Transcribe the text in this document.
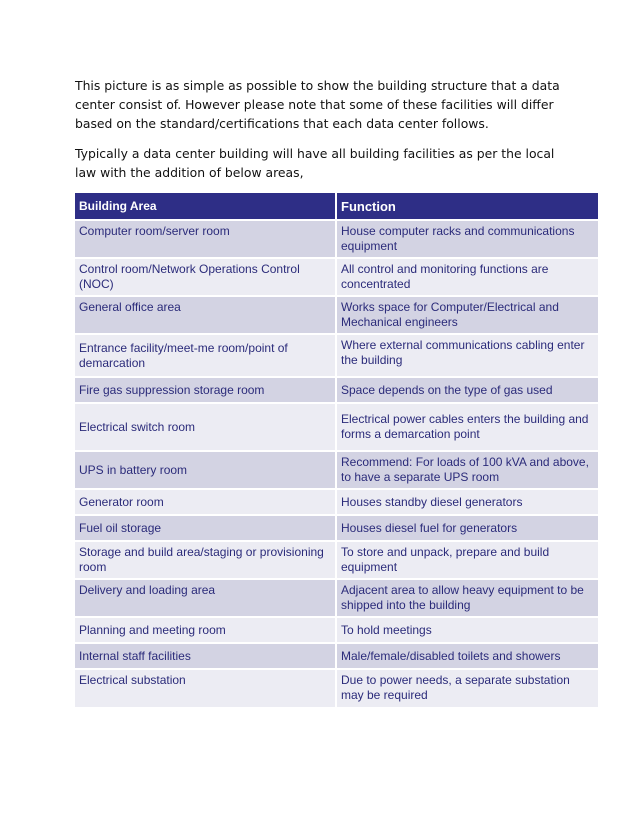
This picture is as simple as possible to show the building structure that a data center consist of. However please note that some of these facilities will differ based on the standard/certifications that each data center follows.

Typically a data center building will have all building facilities as per the local law with the addition of below areas,

Building Area	Function
Computer room/server room	House computer racks and communications equipment
Control room/Network Operations Control (NOC)	All control and monitoring functions are concentrated
General office area	Works space for Computer/Electrical and Mechanical engineers
Entrance facility/meet-me room/point of demarcation	Where external communications cabling enter the building
Fire gas suppression storage room	Space depends on the type of gas used
Electrical switch room	Electrical power cables enters the building and forms a demarcation point
UPS in battery room	Recommend: For loads of 100 kVA and above, to have a separate UPS room
Generator room	Houses standby diesel generators
Fuel oil storage	Houses diesel fuel for generators
Storage and build area/staging or provisioning room	To store and unpack, prepare and build equipment
Delivery and loading area	Adjacent area to allow heavy equipment to be shipped into the building
Planning and meeting room	To hold meetings
Internal staff facilities	Male/female/disabled toilets and showers
Electrical substation	Due to power needs, a separate substation may be required
